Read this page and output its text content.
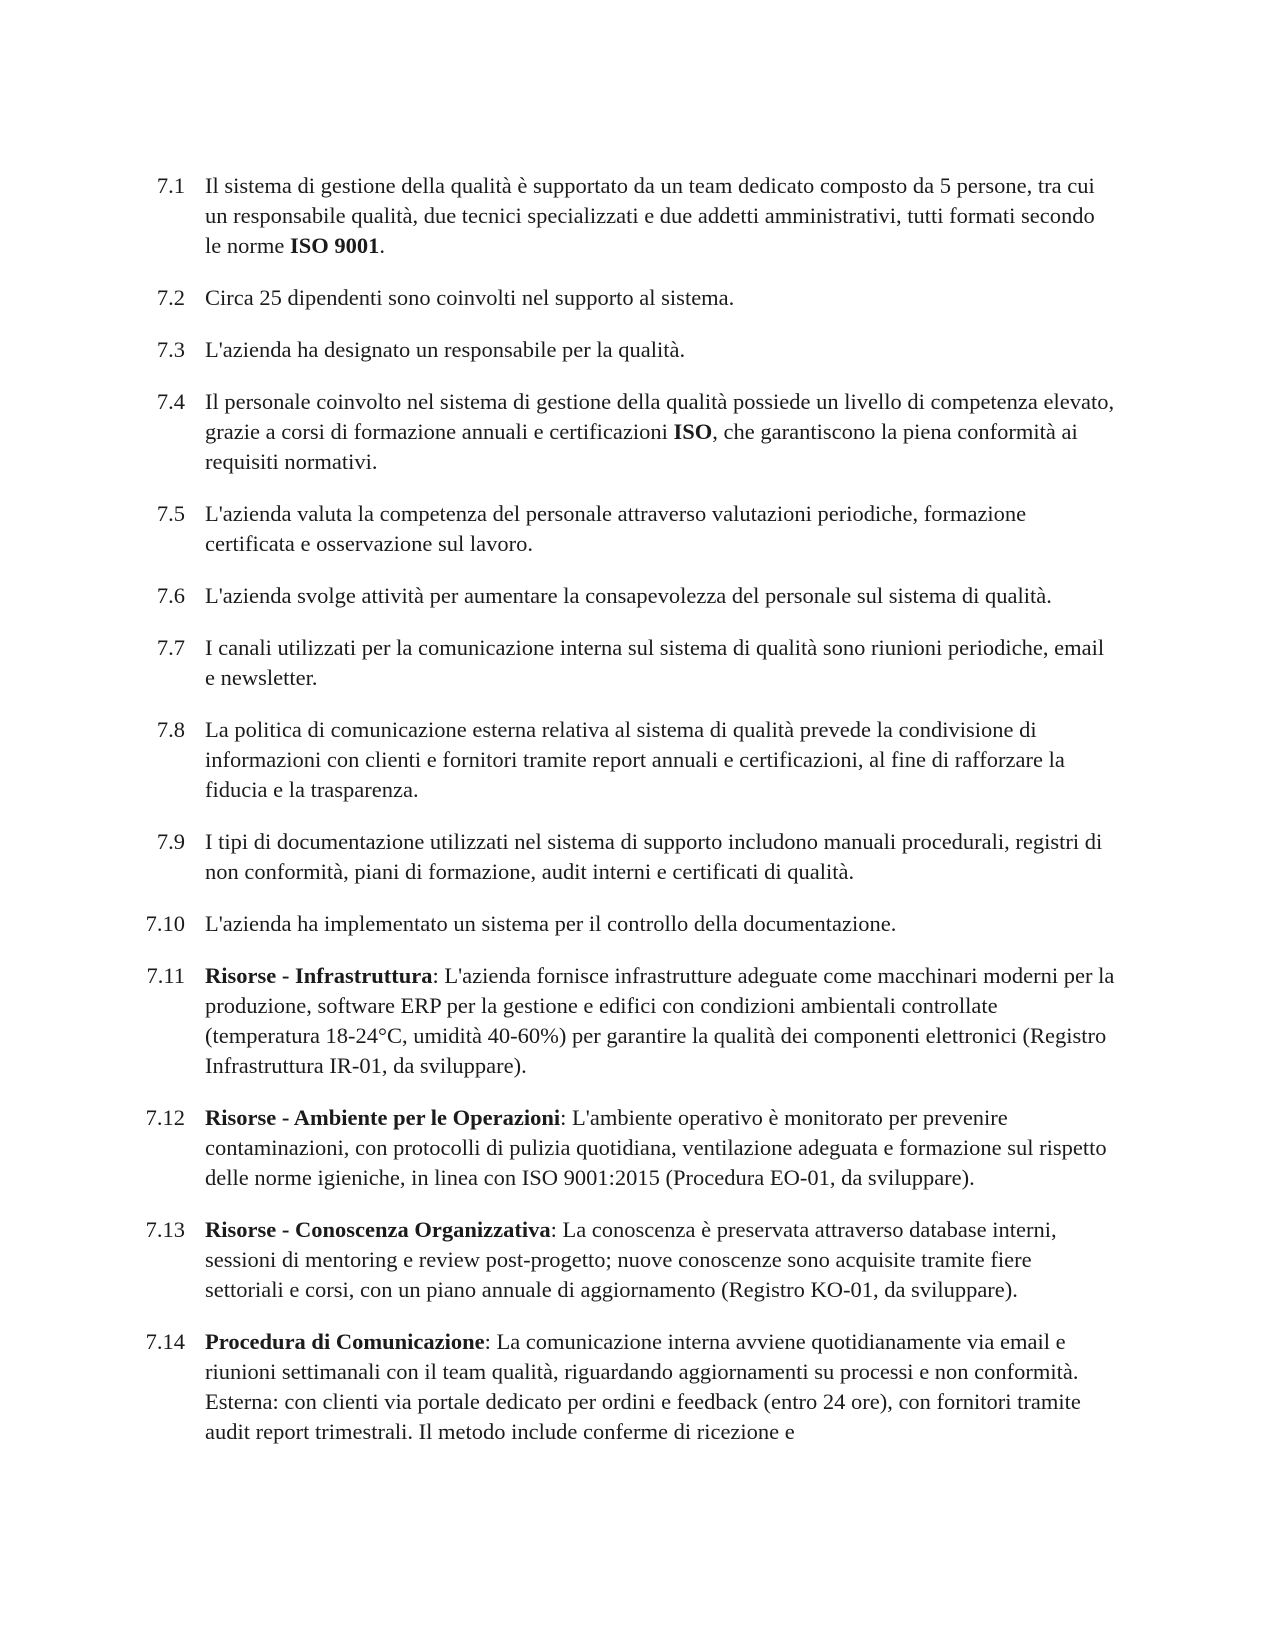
7.1 Il sistema di gestione della qualità è supportato da un team dedicato composto da 5 persone, tra cui un responsabile qualità, due tecnici specializzati e due addetti amministrativi, tutti formati secondo le norme ISO 9001.
7.2 Circa 25 dipendenti sono coinvolti nel supporto al sistema.
7.3 L'azienda ha designato un responsabile per la qualità.
7.4 Il personale coinvolto nel sistema di gestione della qualità possiede un livello di competenza elevato, grazie a corsi di formazione annuali e certificazioni ISO, che garantiscono la piena conformità ai requisiti normativi.
7.5 L'azienda valuta la competenza del personale attraverso valutazioni periodiche, formazione certificata e osservazione sul lavoro.
7.6 L'azienda svolge attività per aumentare la consapevolezza del personale sul sistema di qualità.
7.7 I canali utilizzati per la comunicazione interna sul sistema di qualità sono riunioni periodiche, email e newsletter.
7.8 La politica di comunicazione esterna relativa al sistema di qualità prevede la condivisione di informazioni con clienti e fornitori tramite report annuali e certificazioni, al fine di rafforzare la fiducia e la trasparenza.
7.9 I tipi di documentazione utilizzati nel sistema di supporto includono manuali procedurali, registri di non conformità, piani di formazione, audit interni e certificati di qualità.
7.10 L'azienda ha implementato un sistema per il controllo della documentazione.
7.11 Risorse - Infrastruttura: L'azienda fornisce infrastrutture adeguate come macchinari moderni per la produzione, software ERP per la gestione e edifici con condizioni ambientali controllate (temperatura 18-24°C, umidità 40-60%) per garantire la qualità dei componenti elettronici (Registro Infrastruttura IR-01, da sviluppare).
7.12 Risorse - Ambiente per le Operazioni: L'ambiente operativo è monitorato per prevenire contaminazioni, con protocolli di pulizia quotidiana, ventilazione adeguata e formazione sul rispetto delle norme igieniche, in linea con ISO 9001:2015 (Procedura EO-01, da sviluppare).
7.13 Risorse - Conoscenza Organizzativa: La conoscenza è preservata attraverso database interni, sessioni di mentoring e review post-progetto; nuove conoscenze sono acquisite tramite fiere settoriali e corsi, con un piano annuale di aggiornamento (Registro KO-01, da sviluppare).
7.14 Procedura di Comunicazione: La comunicazione interna avviene quotidianamente via email e riunioni settimanali con il team qualità, riguardando aggiornamenti su processi e non conformità. Esterna: con clienti via portale dedicato per ordini e feedback (entro 24 ore), con fornitori tramite audit report trimestrali. Il metodo include conferme di ricezione e
